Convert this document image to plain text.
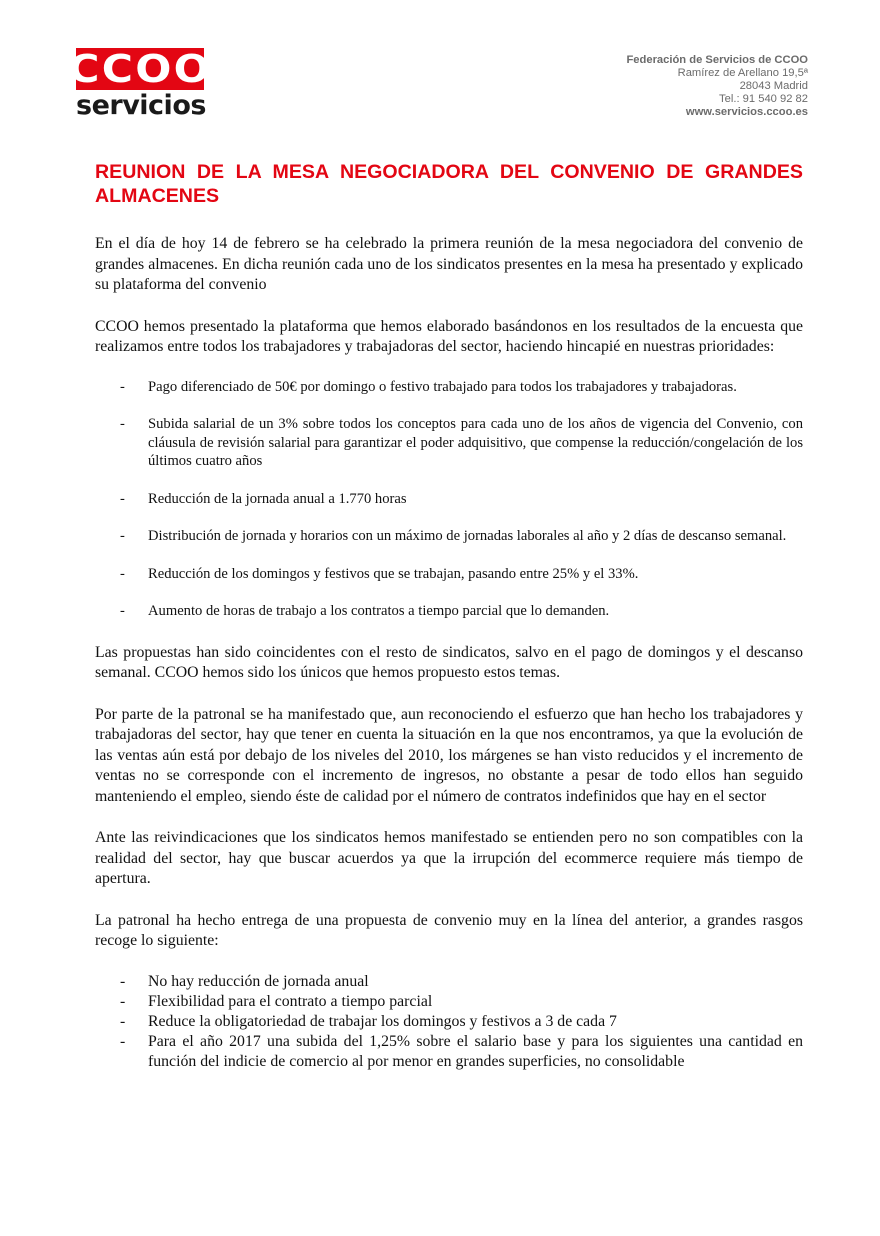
CCOO
servicios
Federación de Servicios de CCOO
Ramírez de Arellano 19,5ª
28043 Madrid
Tel.: 91 540 92 82
www.servicios.ccoo.es
REUNION DE LA MESA NEGOCIADORA DEL CONVENIO DE GRANDES ALMACENES

En el día de hoy 14 de febrero se ha celebrado la primera reunión de la mesa negociadora del convenio de grandes almacenes. En dicha reunión cada uno de los sindicatos presentes en la mesa ha presentado y explicado su plataforma del convenio

CCOO hemos presentado la plataforma que hemos elaborado basándonos en los resultados de la encuesta que realizamos entre todos los trabajadores y trabajadoras del sector, haciendo hincapié en nuestras prioridades:

- Pago diferenciado de 50€ por domingo o festivo trabajado para todos los trabajadores y trabajadoras.
- Subida salarial de un 3% sobre todos los conceptos para cada uno de los años de vigencia del Convenio, con cláusula de revisión salarial para garantizar el poder adquisitivo, que compense la reducción/congelación de los últimos cuatro años
- Reducción de la jornada anual a 1.770 horas
- Distribución de jornada y horarios con un máximo de jornadas laborales al año y 2 días de descanso semanal.
- Reducción de los domingos y festivos que se trabajan, pasando entre 25% y el 33%.
- Aumento de horas de trabajo a los contratos a tiempo parcial que lo demanden.

Las propuestas han sido coincidentes con el resto de sindicatos, salvo en el pago de domingos y el descanso semanal. CCOO hemos sido los únicos que hemos propuesto estos temas.

Por parte de la patronal se ha manifestado que, aun reconociendo el esfuerzo que han hecho los trabajadores y trabajadoras del sector, hay que tener en cuenta la situación en la que nos encontramos, ya que la evolución de las ventas aún está por debajo de los niveles del 2010, los márgenes se han visto reducidos y el incremento de ventas no se corresponde con el incremento de ingresos, no obstante a pesar de todo ellos han seguido manteniendo el empleo, siendo éste de calidad por el número de contratos indefinidos que hay en el sector

Ante las reivindicaciones que los sindicatos hemos manifestado se entienden pero no son compatibles con la realidad del sector, hay que buscar acuerdos ya que la irrupción del ecommerce requiere más tiempo de apertura.

La patronal ha hecho entrega de una propuesta de convenio muy en la línea del anterior, a grandes rasgos recoge lo siguiente:

- No hay reducción de jornada anual
- Flexibilidad para el contrato a tiempo parcial
- Reduce la obligatoriedad de trabajar los domingos y festivos a 3 de cada 7
- Para el año 2017 una subida del 1,25% sobre el salario base y para los siguientes una cantidad en función del indicie de comercio al por menor en grandes superficies, no consolidable
